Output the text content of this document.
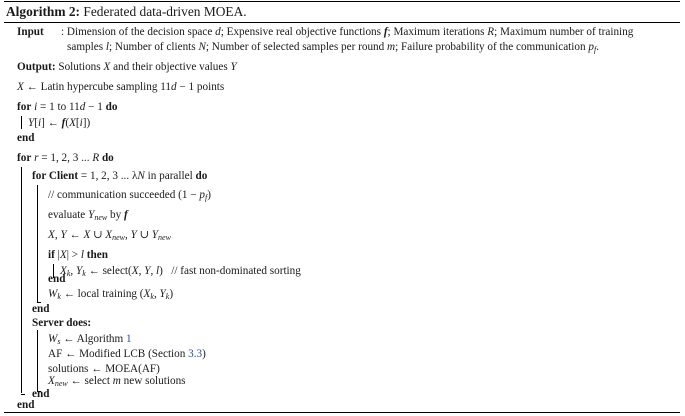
Algorithm 2: Federated data-driven MOEA.
Input : Dimension of the decision space d; Expensive real objective functions f; Maximum iterations R; Maximum number of training
samples l; Number of clients N; Number of selected samples per round m; Failure probability of the communication $p_f$.
Output: Solutions X and their objective values Y
X ← Latin hypercube sampling 11d − 1 points
for i = 1 to 11d − 1 do
Y[i] ← f(X[i])
end
for r = 1, 2, 3 ... R do
for Client = 1, 2, 3 ... λN in parallel do
// communication succeeded $(1 - p_f)$
evaluate $Y_{new}$ by f
X, Y ← X ∪ $X_{new}$, Y ∪ $Y_{new}$
if |X| > l then
$X_k$, $Y_k$ ← select(X, Y, l)   // fast non-dominated sorting
end
$W_k$ ← local training ($X_k$, $Y_k$)
end
Server does:
$W_s$ ← Algorithm 1
AF ← Modified LCB (Section 3.3)
solutions ← MOEA(AF)
$X_{new}$ ← select m new solutions
end
end
